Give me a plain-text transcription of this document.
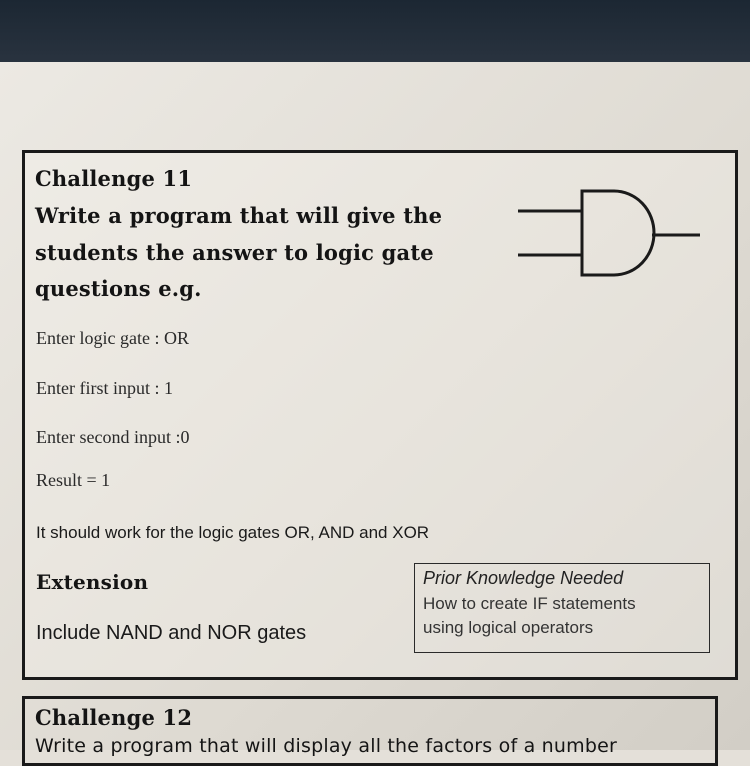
Challenge 11
Write a program that will give the
students the answer to logic gate
questions e.g.
Enter logic gate : OR
Enter first input : 1
Enter second input :0
Result = 1
It should work for the logic gates OR, AND and XOR
Extension
Include NAND and NOR gates
Prior Knowledge Needed
How to create IF statements
using logical operators
Challenge 12
Write a program that will display all the factors of a number
